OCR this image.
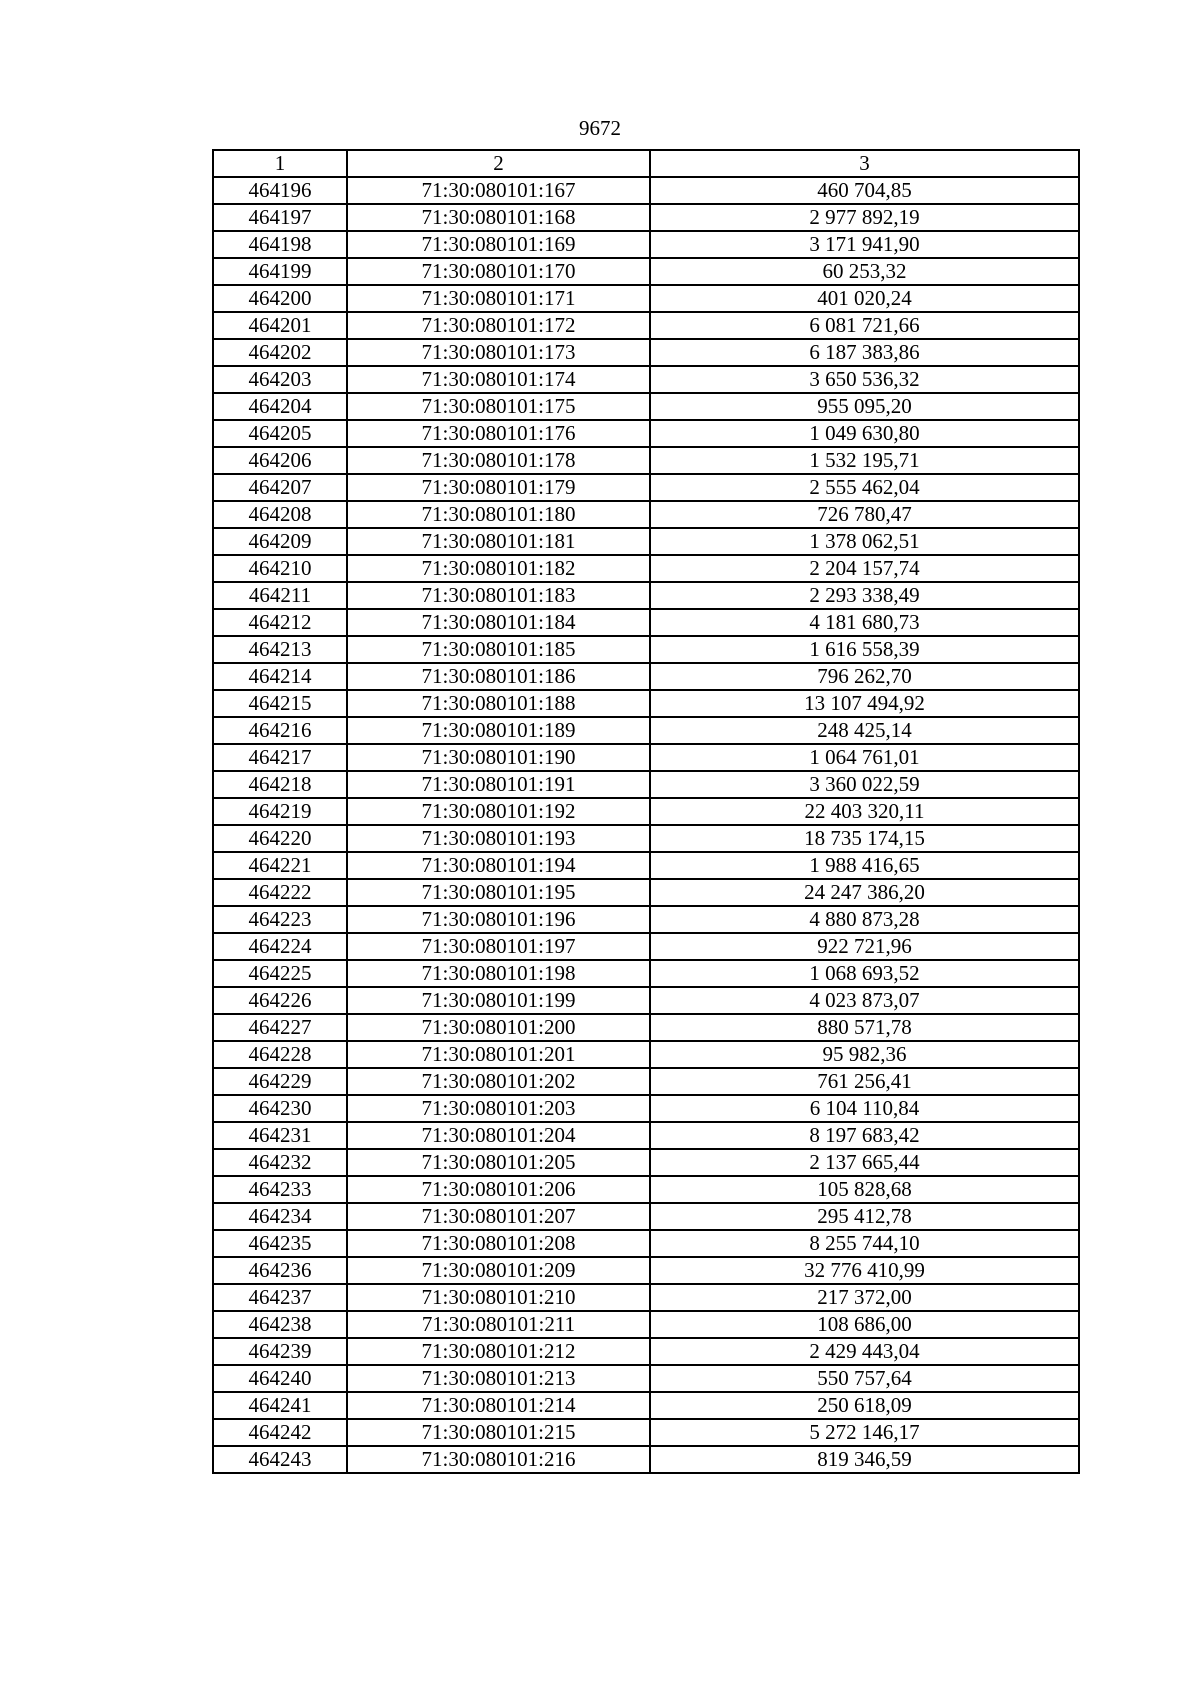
9672
1	2	3
464196	71:30:080101:167	460 704,85
464197	71:30:080101:168	2 977 892,19
464198	71:30:080101:169	3 171 941,90
464199	71:30:080101:170	60 253,32
464200	71:30:080101:171	401 020,24
464201	71:30:080101:172	6 081 721,66
464202	71:30:080101:173	6 187 383,86
464203	71:30:080101:174	3 650 536,32
464204	71:30:080101:175	955 095,20
464205	71:30:080101:176	1 049 630,80
464206	71:30:080101:178	1 532 195,71
464207	71:30:080101:179	2 555 462,04
464208	71:30:080101:180	726 780,47
464209	71:30:080101:181	1 378 062,51
464210	71:30:080101:182	2 204 157,74
464211	71:30:080101:183	2 293 338,49
464212	71:30:080101:184	4 181 680,73
464213	71:30:080101:185	1 616 558,39
464214	71:30:080101:186	796 262,70
464215	71:30:080101:188	13 107 494,92
464216	71:30:080101:189	248 425,14
464217	71:30:080101:190	1 064 761,01
464218	71:30:080101:191	3 360 022,59
464219	71:30:080101:192	22 403 320,11
464220	71:30:080101:193	18 735 174,15
464221	71:30:080101:194	1 988 416,65
464222	71:30:080101:195	24 247 386,20
464223	71:30:080101:196	4 880 873,28
464224	71:30:080101:197	922 721,96
464225	71:30:080101:198	1 068 693,52
464226	71:30:080101:199	4 023 873,07
464227	71:30:080101:200	880 571,78
464228	71:30:080101:201	95 982,36
464229	71:30:080101:202	761 256,41
464230	71:30:080101:203	6 104 110,84
464231	71:30:080101:204	8 197 683,42
464232	71:30:080101:205	2 137 665,44
464233	71:30:080101:206	105 828,68
464234	71:30:080101:207	295 412,78
464235	71:30:080101:208	8 255 744,10
464236	71:30:080101:209	32 776 410,99
464237	71:30:080101:210	217 372,00
464238	71:30:080101:211	108 686,00
464239	71:30:080101:212	2 429 443,04
464240	71:30:080101:213	550 757,64
464241	71:30:080101:214	250 618,09
464242	71:30:080101:215	5 272 146,17
464243	71:30:080101:216	819 346,59
